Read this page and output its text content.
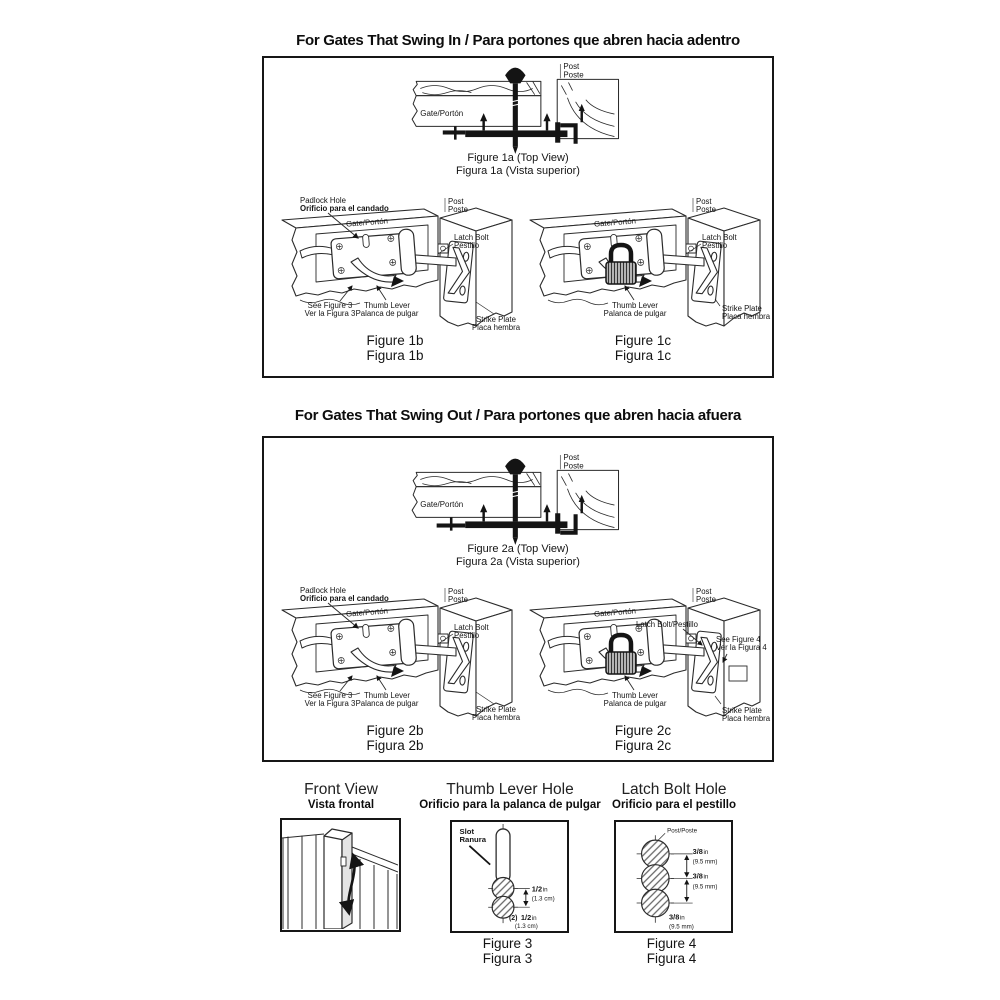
For Gates That Swing In / Para portones que abren hacia adentro
Post
Poste
Gate/Portón
Figure 1a (Top View)
Figura 1a (Vista superior)
Padlock Hole
Orificio para el candado
Post
Poste
Gate/Portón
Latch Bolt
Pestillo
See Figure 3
Ver la Figura 3
Thumb Lever
Palanca de pulgar
Strike Plate
Placa hembra
Figure 1b
Figura 1b
Post
Poste
Gate/Portón
Latch Bolt
Pestillo
Thumb Lever
Palanca de pulgar
Strike Plate
Placa hembra
Figure 1c
Figura 1c
For Gates That Swing Out / Para portones que abren hacia afuera
Post
Poste
Gate/Portón
Figure 2a (Top View)
Figura 2a (Vista superior)
Padlock Hole
Orificio para el candado
Post
Poste
Gate/Portón
Latch Bolt
Pestillo
See Figure 3
Ver la Figura 3
Thumb Lever
Palanca de pulgar
Strike Plate
Placa hembra
Figure 2b
Figura 2b
Post
Poste
Gate/Portón
Latch Bolt/Pestillo
See Figure 4
Ver la Figura 4
Thumb Lever
Palanca de pulgar
Strike Plate
Placa hembra
Figure 2c
Figura 2c
Front View
Vista frontal
Thumb Lever Hole
Orificio para la palanca de pulgar
Slot
Ranura
1/2 in
(1.3 cm)
(2) 1/2 in
(1.3 cm)
Figure 3
Figura 3
Latch Bolt Hole
Orificio para el pestillo
Post/Poste
3/8 in
(9.5 mm)
3/8 in
(9.5 mm)
3/8 in
(9.5 mm)
Figure 4
Figura 4
